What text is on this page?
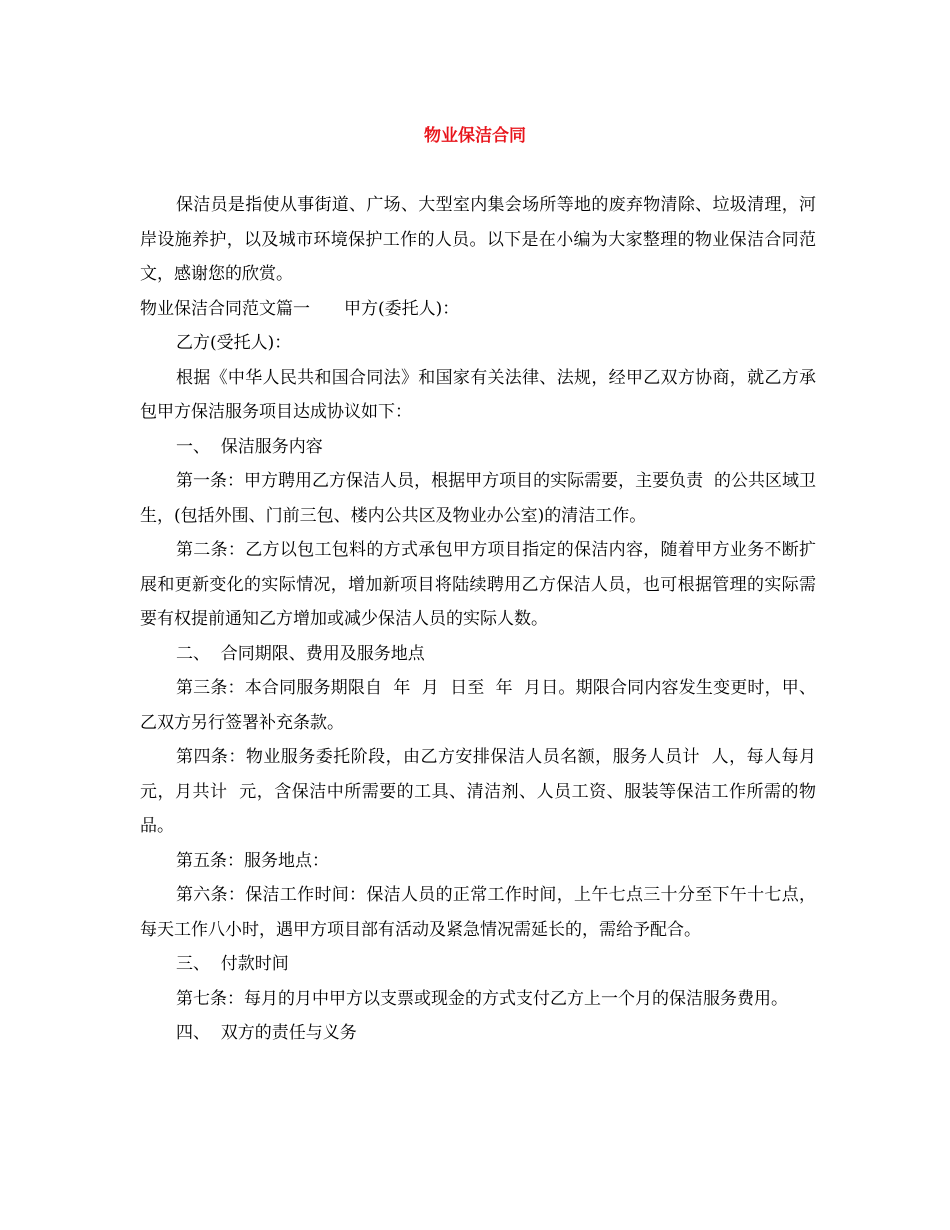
物业保洁合同

保洁员是指使从事街道、广场、大型室内集会场所等地的废弃物清除、垃圾清理，河岸设施养护，以及城市环境保护工作的人员。以下是在小编为大家整理的物业保洁合同范文，感谢您的欣赏。

物业保洁合同范文篇一　　甲方(委托人)：

乙方(受托人)：

根据《中华人民共和国合同法》和国家有关法律、法规，经甲乙双方协商，就乙方承包甲方保洁服务项目达成协议如下：

一、  保洁服务内容

第一条：甲方聘用乙方保洁人员，根据甲方项目的实际需要，主要负责  的公共区域卫生，(包括外围、门前三包、楼内公共区及物业办公室)的清洁工作。

第二条：乙方以包工包料的方式承包甲方项目指定的保洁内容，随着甲方业务不断扩展和更新变化的实际情况，增加新项目将陆续聘用乙方保洁人员，也可根据管理的实际需要有权提前通知乙方增加或减少保洁人员的实际人数。

二、  合同期限、费用及服务地点

第三条：本合同服务期限自  年  月  日至  年  月日。期限合同内容发生变更时，甲、乙双方另行签署补充条款。

第四条：物业服务委托阶段，由乙方安排保洁人员名额，服务人员计  人，每人每月  元，月共计  元，含保洁中所需要的工具、清洁剂、人员工资、服装等保洁工作所需的物品。

第五条：服务地点：

第六条：保洁工作时间：保洁人员的正常工作时间，上午七点三十分至下午十七点，每天工作八小时，遇甲方项目部有活动及紧急情况需延长的，需给予配合。

三、  付款时间

第七条：每月的月中甲方以支票或现金的方式支付乙方上一个月的保洁服务费用。

四、  双方的责任与义务
